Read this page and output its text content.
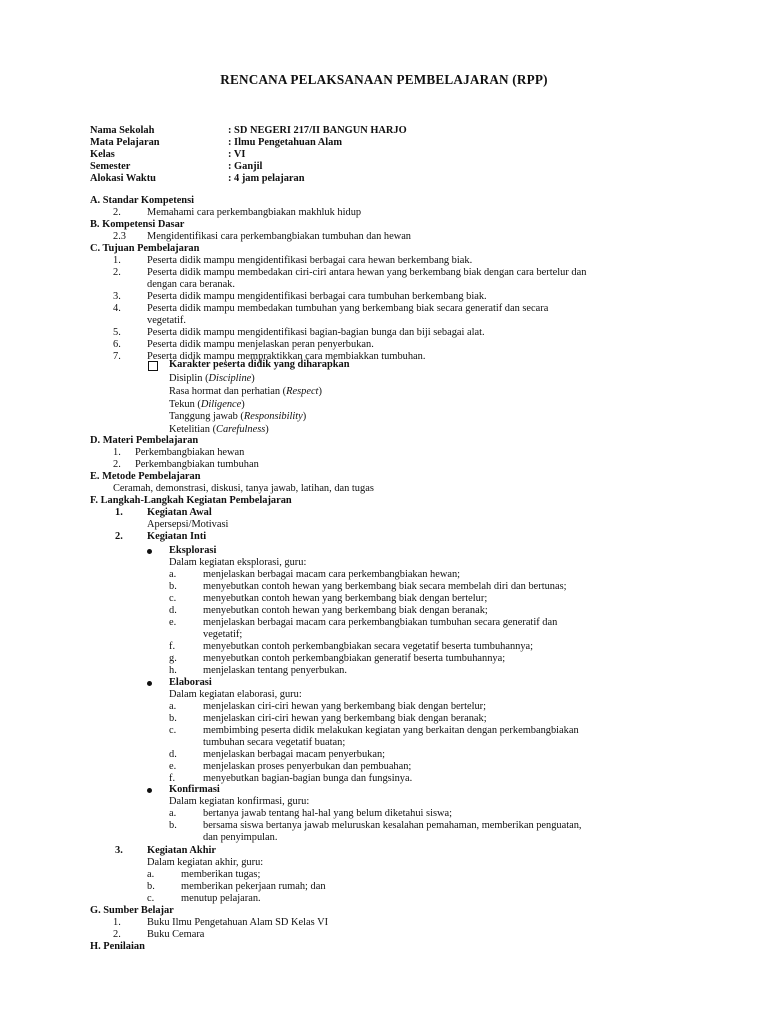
RENCANA PELAKSANAAN PEMBELAJARAN (RPP)
Nama Sekolah	: SD NEGERI 217/II BANGUN HARJO
Mata Pelajaran	: Ilmu Pengetahuan Alam
Kelas	: VI
Semester	: Ganjil
Alokasi Waktu	: 4 jam pelajaran
A. Standar Kompetensi
2.	Memahami cara perkembangbiakan makhluk hidup
B. Kompetensi Dasar
2.3 Mengidentifikasi cara perkembangbiakan tumbuhan dan hewan
C. Tujuan Pembelajaran
1.	Peserta didik mampu mengidentifikasi berbagai cara hewan berkembang biak.
2.	Peserta didik mampu membedakan ciri-ciri antara hewan yang berkembang biak dengan cara bertelur dan
dengan cara beranak.
3.	Peserta didik mampu mengidentifikasi berbagai cara tumbuhan berkembang biak.
4.	Peserta didik mampu membedakan tumbuhan yang berkembang biak secara generatif dan secara
vegetatif.
5.	Peserta didik mampu mengidentifikasi bagian-bagian bunga dan biji sebagai alat.
6.	Peserta didik mampu menjelaskan peran penyerbukan.
7.	Peserta didik mampu mempraktikkan cara membiakkan tumbuhan.
Karakter peserta didik yang diharapkan
Disiplin (Discipline)
Rasa hormat dan perhatian (Respect)
Tekun (Diligence)
Tanggung jawab (Responsibility)
Ketelitian (Carefulness)
D. Materi Pembelajaran
1. Perkembangbiakan hewan
2. Perkembangbiakan tumbuhan
E. Metode Pembelajaran
Ceramah, demonstrasi, diskusi, tanya jawab, latihan, dan tugas
F. Langkah-Langkah Kegiatan Pembelajaran
1. Kegiatan Awal
Apersepsi/Motivasi
2. Kegiatan Inti
Eksplorasi
Dalam kegiatan eksplorasi, guru:
a.	menjelaskan berbagai macam cara perkembangbiakan hewan;
b.	menyebutkan contoh hewan yang berkembang biak secara membelah diri dan bertunas;
c.	menyebutkan contoh hewan yang berkembang biak dengan bertelur;
d.	menyebutkan contoh hewan yang berkembang biak dengan beranak;
e.	menjelaskan berbagai macam cara perkembangbiakan tumbuhan secara generatif dan
vegetatif;
f.	menyebutkan contoh perkembangbiakan secara vegetatif beserta tumbuhannya;
g.	menyebutkan contoh perkembangbiakan generatif beserta tumbuhannya;
h.	menjelaskan tentang penyerbukan.
Elaborasi
Dalam kegiatan elaborasi, guru:
a.	menjelaskan ciri-ciri hewan yang berkembang biak dengan bertelur;
b.	menjelaskan ciri-ciri hewan yang berkembang biak dengan beranak;
c.	membimbing peserta didik melakukan kegiatan yang berkaitan dengan perkembangbiakan
tumbuhan secara vegetatif buatan;
d.	menjelaskan berbagai macam penyerbukan;
e.	menjelaskan proses penyerbukan dan pembuahan;
f.	menyebutkan bagian-bagian bunga dan fungsinya.
Konfirmasi
Dalam kegiatan konfirmasi, guru:
a.	bertanya jawab tentang hal-hal yang belum diketahui siswa;
b.	bersama siswa bertanya jawab meluruskan kesalahan pemahaman, memberikan penguatan,
dan penyimpulan.
3. Kegiatan Akhir
Dalam kegiatan akhir, guru:
a.	memberikan tugas;
b.	memberikan pekerjaan rumah; dan
c.	menutup pelajaran.
G. Sumber Belajar
1.	Buku Ilmu Pengetahuan Alam SD Kelas VI
2.	Buku Cemara
H. Penilaian
